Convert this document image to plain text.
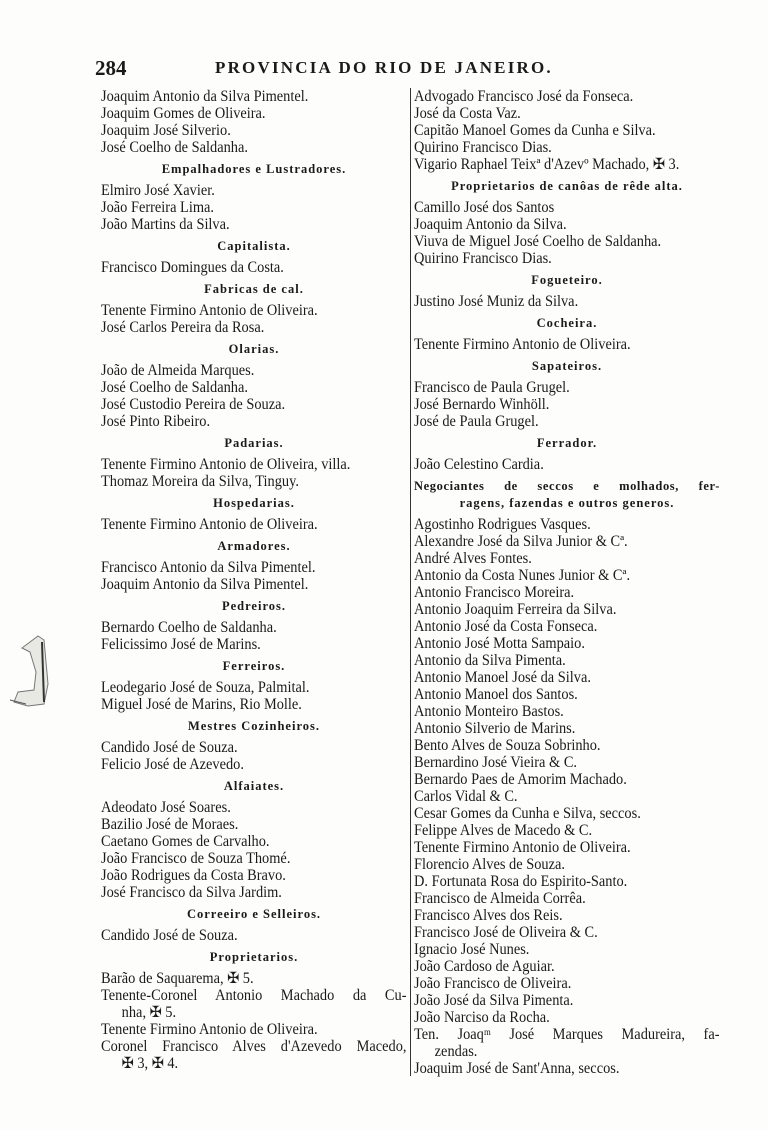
284	PROVINCIA DO RIO DE JANEIRO.
Joaquim Antonio da Silva Pimentel.
Joaquim Gomes de Oliveira.
Joaquim José Silverio.
José Coelho de Saldanha.
Empalhadores e Lustradores.
Elmiro José Xavier.
João Ferreira Lima.
João Martins da Silva.
Capitalista.
Francisco Domingues da Costa.
Fabricas de cal.
Tenente Firmino Antonio de Oliveira.
José Carlos Pereira da Rosa.
Olarias.
João de Almeida Marques.
José Coelho de Saldanha.
José Custodio Pereira de Souza.
José Pinto Ribeiro.
Padarias.
Tenente Firmino Antonio de Oliveira, villa.
Thomaz Moreira da Silva, Tinguy.
Hospedarias.
Tenente Firmino Antonio de Oliveira.
Armadores.
Francisco Antonio da Silva Pimentel.
Joaquim Antonio da Silva Pimentel.
Pedreiros.
Bernardo Coelho de Saldanha.
Felicissimo José de Marins.
Ferreiros.
Leodegario José de Souza, Palmital.
Miguel José de Marins, Rio Molle.
Mestres Cozinheiros.
Candido José de Souza.
Felicio José de Azevedo.
Alfaiates.
Adeodato José Soares.
Bazilio José de Moraes.
Caetano Gomes de Carvalho.
João Francisco de Souza Thomé.
João Rodrigues da Costa Bravo.
José Francisco da Silva Jardim.
Correeiro e Selleiros.
Candido José de Souza.
Proprietarios.
Barão de Saquarema, ✠ 5.
Tenente-Coronel Antonio Machado da Cu-
nha, ✠ 5.
Tenente Firmino Antonio de Oliveira.
Coronel Francisco Alves d'Azevedo Macedo,
✠ 3, ✠ 4.
Advogado Francisco José da Fonseca.
José da Costa Vaz.
Capitão Manoel Gomes da Cunha e Silva.
Quirino Francisco Dias.
Vigario Raphael Teixª d'Azevº Machado, ✠ 3.
Proprietarios de canôas de rêde alta.
Camillo José dos Santos
Joaquim Antonio da Silva.
Viuva de Miguel José Coelho de Saldanha.
Quirino Francisco Dias.
Fogueteiro.
Justino José Muniz da Silva.
Cocheira.
Tenente Firmino Antonio de Oliveira.
Sapateiros.
Francisco de Paula Grugel.
José Bernardo Winhöll.
José de Paula Grugel.
Ferrador.
João Celestino Cardia.
Negociantes de seccos e molhados, fer-
ragens, fazendas e outros generos.
Agostinho Rodrigues Vasques.
Alexandre José da Silva Junior & Cª.
André Alves Fontes.
Antonio da Costa Nunes Junior & Cª.
Antonio Francisco Moreira.
Antonio Joaquim Ferreira da Silva.
Antonio José da Costa Fonseca.
Antonio José Motta Sampaio.
Antonio da Silva Pimenta.
Antonio Manoel José da Silva.
Antonio Manoel dos Santos.
Antonio Monteiro Bastos.
Antonio Silverio de Marins.
Bento Alves de Souza Sobrinho.
Bernardino José Vieira & C.
Bernardo Paes de Amorim Machado.
Carlos Vidal & C.
Cesar Gomes da Cunha e Silva, seccos.
Felippe Alves de Macedo & C.
Tenente Firmino Antonio de Oliveira.
Florencio Alves de Souza.
D. Fortunata Rosa do Espirito-Santo.
Francisco de Almeida Corrêa.
Francisco Alves dos Reis.
Francisco José de Oliveira & C.
Ignacio José Nunes.
João Cardoso de Aguiar.
João Francisco de Oliveira.
João José da Silva Pimenta.
João Narciso da Rocha.
Ten. Joaqᵐ José Marques Madureira, fa-
zendas.
Joaquim José de Sant'Anna, seccos.
